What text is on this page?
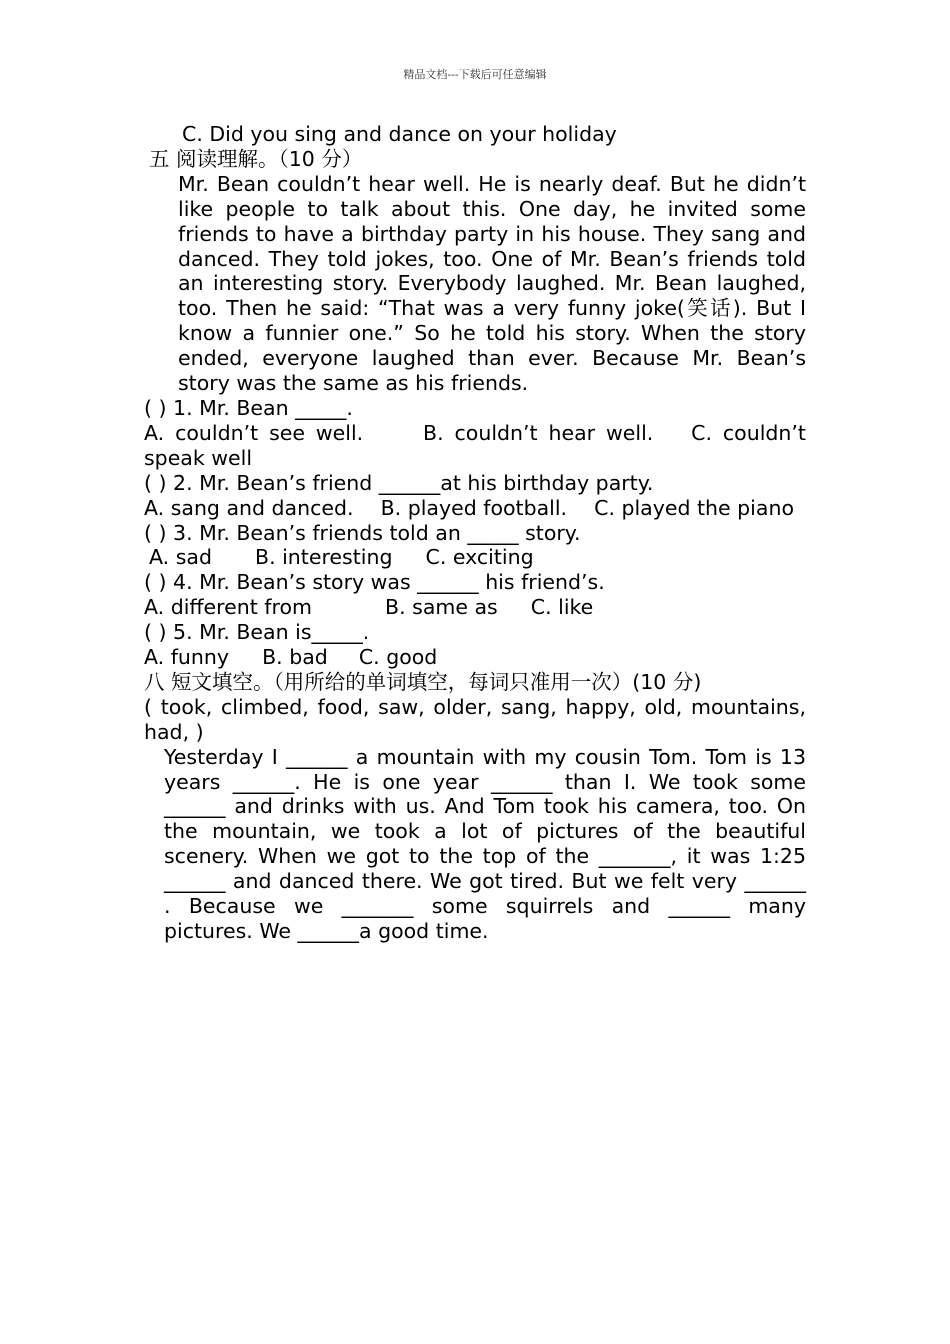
精品文档---下载后可任意编辑
C. Did you sing and dance on your holiday
五 阅读理解。（10 分）
Mr. Bean couldn’t hear well. He is nearly deaf. But he didn’t like people to talk about this. One day, he invited some friends to have a birthday party in his house. They sang and danced. They told jokes, too. One of Mr. Bean’s friends told an interesting story. Everybody laughed. Mr. Bean laughed, too. Then he said: “That was a very funny joke(笑话). But I know a funnier one.” So he told his story. When the story ended, everyone laughed than ever. Because Mr. Bean’s story was the same as his friends.
( ) 1. Mr. Bean _____.
A. couldn’t see well.	B. couldn’t hear well. C. couldn’t speak well
( ) 2. Mr. Bean’s friend ______at his birthday party.
A. sang and danced. B. played football. C. played the piano
( ) 3. Mr. Bean’s friends told an _____ story.
A. sad B. interesting C. exciting
( ) 4. Mr. Bean’s story was ______ his friend’s.
A. different from	B. same as C. like
( ) 5. Mr. Bean is_____.
A. funny B. bad C. good
八 短文填空。（用所给的单词填空，每词只准用一次）(10 分)
( took, climbed, food, saw, older, sang, happy, old, mountains, had, )
Yesterday I ______ a mountain with my cousin Tom. Tom is 13 years ______. He is one year ______ than I. We took some ______ and drinks with us. And Tom took his camera, too. On the mountain, we took a lot of pictures of the beautiful scenery. When we got to the top of the _______, it was 1:25 ______ and danced there. We got tired. But we felt very ______ . Because we _______ some squirrels and ______ many pictures. We ______a good time.
